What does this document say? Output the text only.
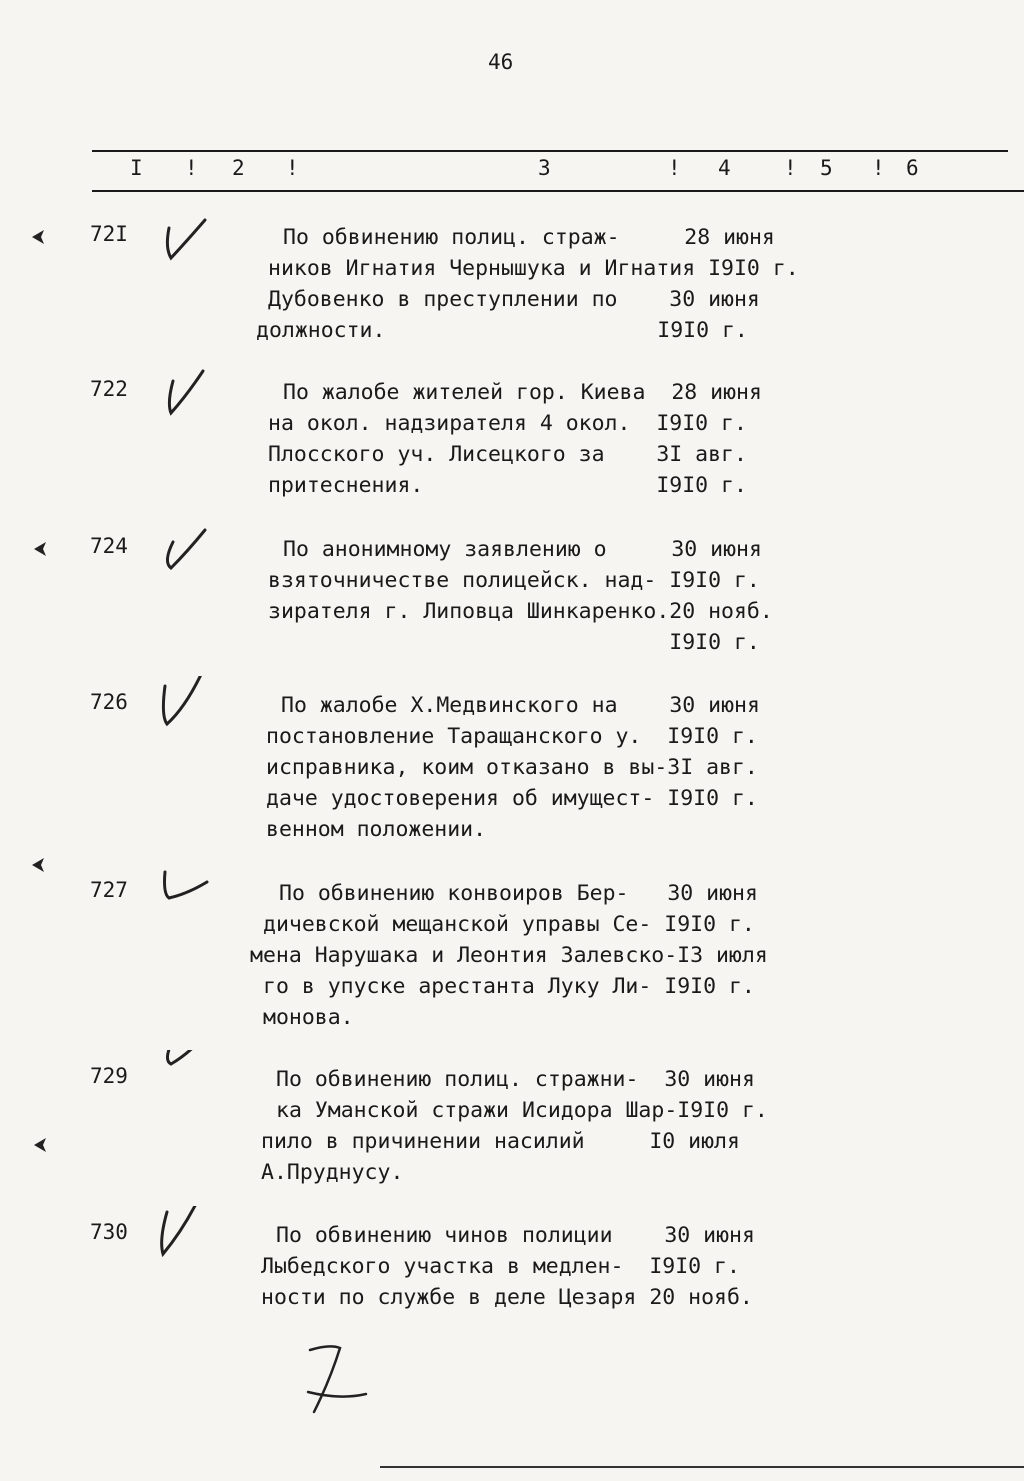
46
I ! 2 !	3	! 4	! 5 ! 6
72I	По обвинению полиц. страж-     28 июня
ников Игнатия Чернышука и Игнатия I9I0 г.
Дубовенко в преступлении по    30 июня
должности.                     I9I0 г.
722	По жалобе жителей гор. Киева  28 июня
на окол. надзирателя 4 окол.  I9I0 г.
Плосского уч. Лисецкого за    3I авг.
притеснения.                  I9I0 г.
724	По анонимному заявлению о     30 июня
взяточничестве полицейск. над- I9I0 г.
зирателя г. Липовца Шинкаренко.20 нояб.
I9I0 г.
726	По жалобе Х.Медвинского на    30 июня
постановление Таращанского у.  I9I0 г.
исправника, коим отказано в вы-3I авг.
даче удостоверения об имущест- I9I0 г.
венном положении.
727	По обвинению конвоиров Бер-   30 июня
дичевской мещанской управы Се- I9I0 г.
мена Нарушака и Леонтия Залевско-I3 июля
го в упуске арестанта Луку Ли- I9I0 г.
монова.
729	По обвинению полиц. стражни-  30 июня
ка Уманской стражи Исидора Шар-I9I0 г.
пило в причинении насилий     I0 июля
А.Пруднусу.
730	По обвинению чинов полиции    30 июня
Лыбедского участка в медлен-  I9I0 г.
ности по службе в деле Цезаря 20 нояб.
